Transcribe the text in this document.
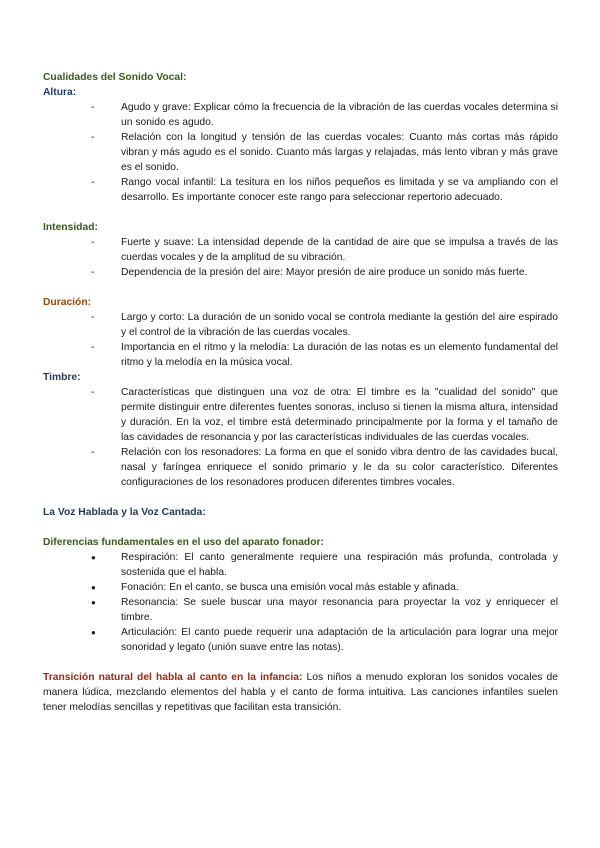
Cualidades del Sonido Vocal:

Altura:

- Agudo y grave: Explicar cómo la frecuencia de la vibración de las cuerdas vocales determina si un sonido es agudo.
- Relación con la longitud y tensión de las cuerdas vocales: Cuanto más cortas más rápido vibran y más agudo es el sonido. Cuanto más largas y relajadas, más lento vibran y más grave es el sonido.
- Rango vocal infantil: La tesitura en los niños pequeños es limitada y se va ampliando con el desarrollo. Es importante conocer este rango para seleccionar repertorio adecuado.

Intensidad:

- Fuerte y suave: La intensidad depende de la cantidad de aire que se impulsa a través de las cuerdas vocales y de la amplitud de su vibración.
- Dependencia de la presión del aire: Mayor presión de aire produce un sonido más fuerte.

Duración:

- Largo y corto: La duración de un sonido vocal se controla mediante la gestión del aire espirado y el control de la vibración de las cuerdas vocales.
- Importancia en el ritmo y la melodía: La duración de las notas es un elemento fundamental del ritmo y la melodía en la música vocal.

Timbre:

- Características que distinguen una voz de otra: El timbre es la "cualidad del sonido" que permite distinguir entre diferentes fuentes sonoras, incluso si tienen la misma altura, intensidad y duración. En la voz, el timbre está determinado principalmente por la forma y el tamaño de las cavidades de resonancia y por las características individuales de las cuerdas vocales.
- Relación con los resonadores: La forma en que el sonido vibra dentro de las cavidades bucal, nasal y faríngea enriquece el sonido primario y le da su color característico. Diferentes configuraciones de los resonadores producen diferentes timbres vocales.

La Voz Hablada y la Voz Cantada:

Diferencias fundamentales en el uso del aparato fonador:

● Respiración: El canto generalmente requiere una respiración más profunda, controlada y sostenida que el habla.
● Fonación: En el canto, se busca una emisión vocal más estable y afinada.
● Resonancia: Se suele buscar una mayor resonancia para proyectar la voz y enriquecer el timbre.
● Articulación: El canto puede requerir una adaptación de la articulación para lograr una mejor sonoridad y legato (unión suave entre las notas).

Transición natural del habla al canto en la infancia: Los niños a menudo exploran los sonidos vocales de manera lúdica, mezclando elementos del habla y el canto de forma intuitiva. Las canciones infantiles suelen tener melodías sencillas y repetitivas que facilitan esta transición.
